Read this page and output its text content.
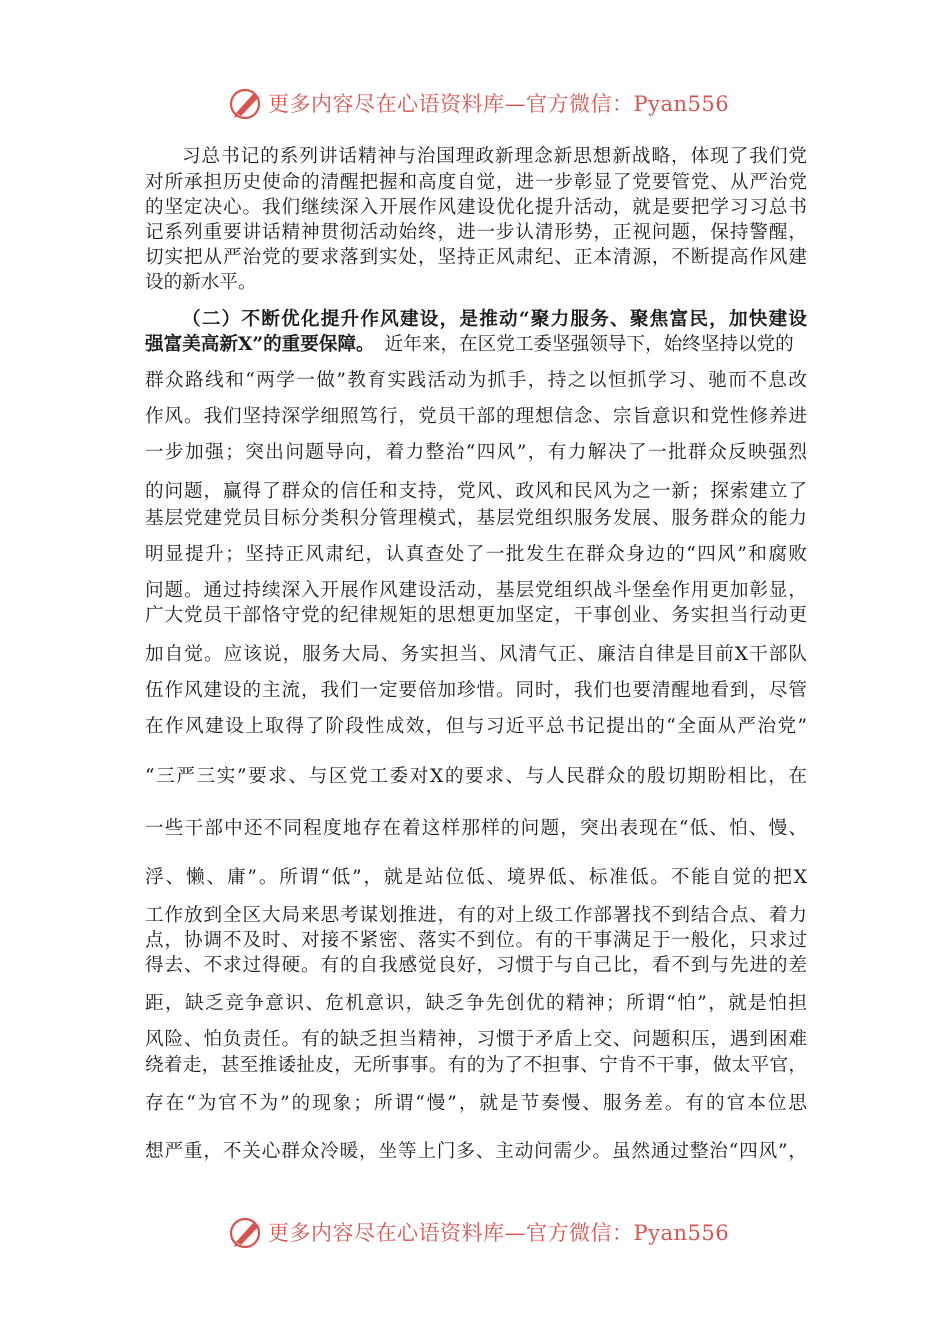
更多内容尽在心语资料库—官方微信：Pyan556
习总书记的系列讲话精神与治国理政新理念新思想新战略，体现了我们党
对所承担历史使命的清醒把握和高度自觉，进一步彰显了党要管党、从严治党
的坚定决心。我们继续深入开展作风建设优化提升活动，就是要把学习习总书
记系列重要讲话精神贯彻活动始终，进一步认清形势，正视问题，保持警醒，
切实把从严治党的要求落到实处，坚持正风肃纪、正本清源，不断提高作风建
设的新水平。
（二）不断优化提升作风建设，是推动“聚力服务、聚焦富民，加快建设
强富美高新X”的重要保障。 近年来，在区党工委坚强领导下，始终坚持以党的
群众路线和“两学一做”教育实践活动为抓手，持之以恒抓学习、驰而不息改
作风。我们坚持深学细照笃行，党员干部的理想信念、宗旨意识和党性修养进
一步加强；突出问题导向，着力整治“四风”，有力解决了一批群众反映强烈
的问题，赢得了群众的信任和支持，党风、政风和民风为之一新；探索建立了
基层党建党员目标分类积分管理模式，基层党组织服务发展、服务群众的能力
明显提升；坚持正风肃纪，认真查处了一批发生在群众身边的“四风”和腐败
问题。通过持续深入开展作风建设活动，基层党组织战斗堡垒作用更加彰显，
广大党员干部恪守党的纪律规矩的思想更加坚定，干事创业、务实担当行动更
加自觉。应该说，服务大局、务实担当、风清气正、廉洁自律是目前X干部队
伍作风建设的主流，我们一定要倍加珍惜。同时，我们也要清醒地看到，尽管
在作风建设上取得了阶段性成效，但与习近平总书记提出的“全面从严治党”
“三严三实”要求、与区党工委对X的要求、与人民群众的殷切期盼相比，在
一些干部中还不同程度地存在着这样那样的问题，突出表现在“低、怕、慢、
浮、懒、庸”。所谓“低”，就是站位低、境界低、标准低。不能自觉的把X
工作放到全区大局来思考谋划推进，有的对上级工作部署找不到结合点、着力
点，协调不及时、对接不紧密、落实不到位。有的干事满足于一般化，只求过
得去、不求过得硬。有的自我感觉良好，习惯于与自己比，看不到与先进的差
距，缺乏竞争意识、危机意识，缺乏争先创优的精神；所谓“怕”，就是怕担
风险、怕负责任。有的缺乏担当精神，习惯于矛盾上交、问题积压，遇到困难
绕着走，甚至推诿扯皮，无所事事。有的为了不担事、宁肯不干事，做太平官，
存在“为官不为”的现象；所谓“慢”，就是节奏慢、服务差。有的官本位思
想严重，不关心群众冷暖，坐等上门多、主动问需少。虽然通过整治“四风”，
更多内容尽在心语资料库—官方微信：Pyan556
